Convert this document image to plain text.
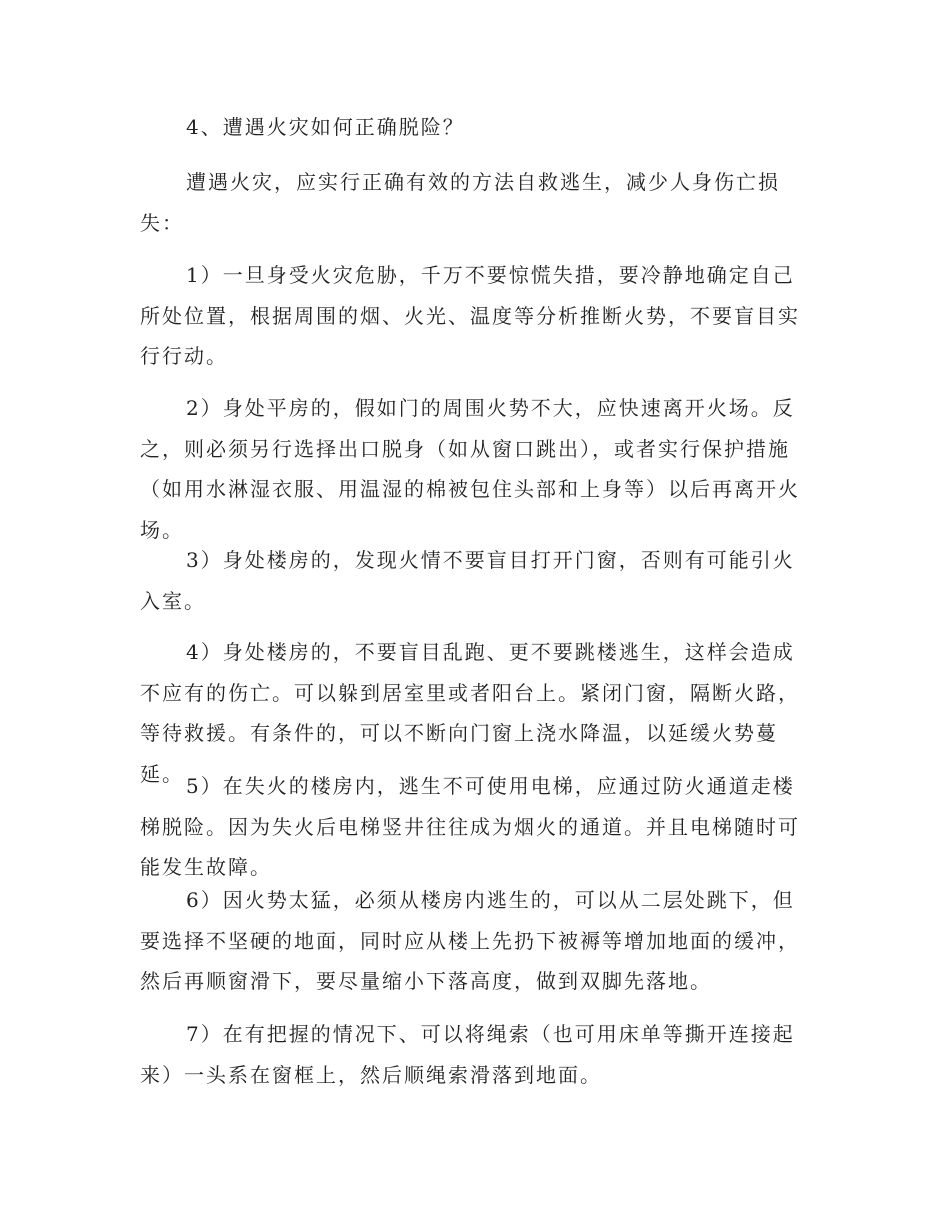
4、遭遇火灾如何正确脱险？

遭遇火灾，应实行正确有效的方法自救逃生，减少人身伤亡损失：

1）一旦身受火灾危胁，千万不要惊慌失措，要冷静地确定自己所处位置，根据周围的烟、火光、温度等分析推断火势，不要盲目实行行动。

2）身处平房的，假如门的周围火势不大，应快速离开火场。反之，则必须另行选择出口脱身（如从窗口跳出），或者实行保护措施（如用水淋湿衣服、用温湿的棉被包住头部和上身等）以后再离开火场。

3）身处楼房的，发现火情不要盲目打开门窗，否则有可能引火入室。

4）身处楼房的，不要盲目乱跑、更不要跳楼逃生，这样会造成不应有的伤亡。可以躲到居室里或者阳台上。紧闭门窗，隔断火路，等待救援。有条件的，可以不断向门窗上浇水降温，以延缓火势蔓延。

5）在失火的楼房内，逃生不可使用电梯，应通过防火通道走楼梯脱险。因为失火后电梯竖井往往成为烟火的通道。并且电梯随时可能发生故障。

6）因火势太猛，必须从楼房内逃生的，可以从二层处跳下，但要选择不坚硬的地面，同时应从楼上先扔下被褥等增加地面的缓冲，然后再顺窗滑下，要尽量缩小下落高度，做到双脚先落地。

7）在有把握的情况下、可以将绳索（也可用床单等撕开连接起来）一头系在窗框上，然后顺绳索滑落到地面。
